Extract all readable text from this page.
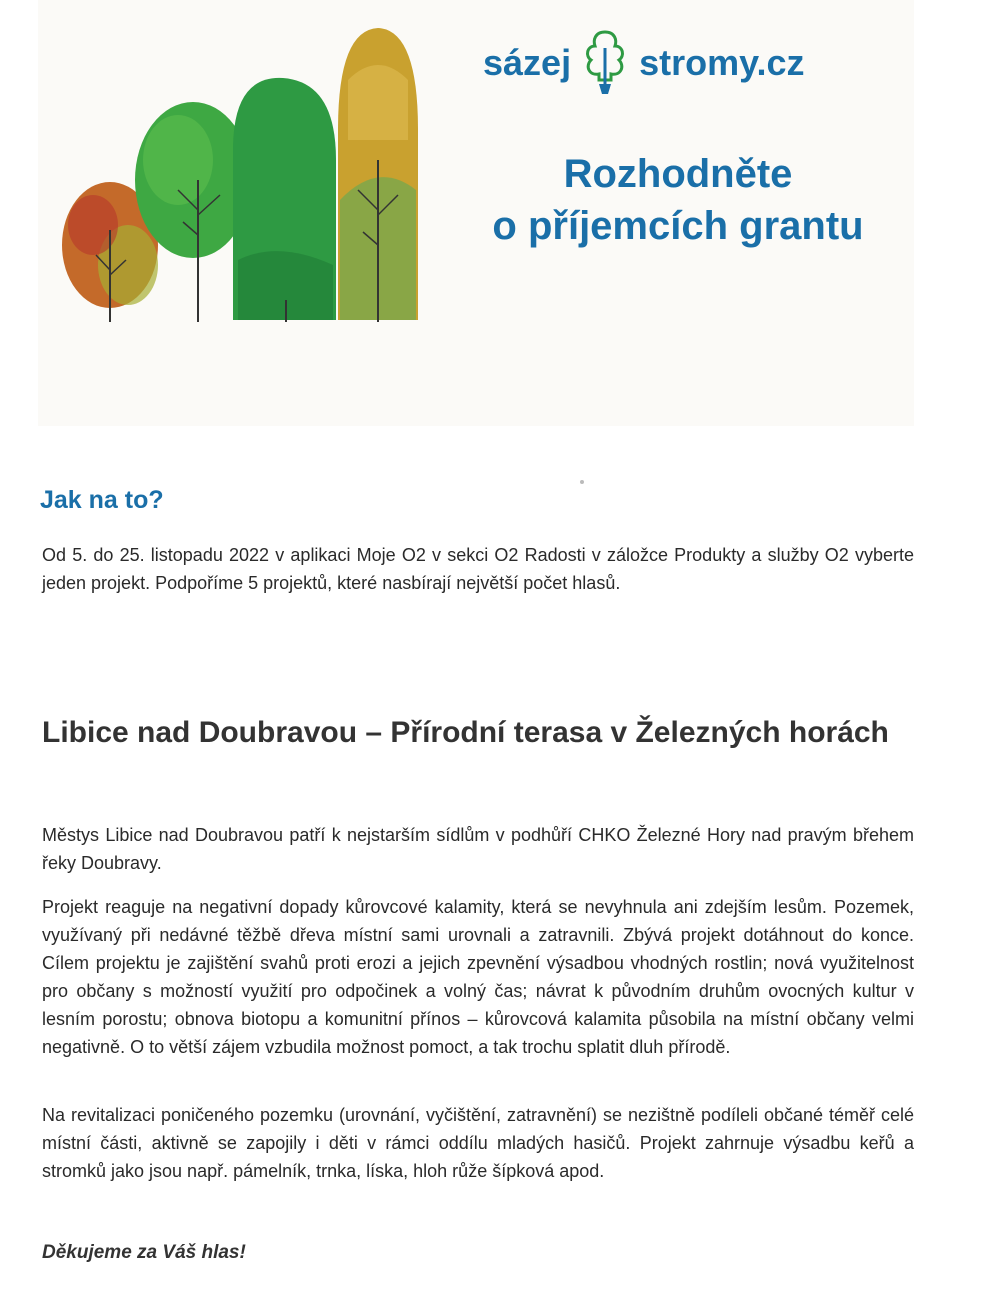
sázej stromy.cz
Rozhodněte
o příjemcích grantu
Jak na to?

Od 5. do 25. listopadu 2022 v aplikaci Moje O2 v sekci O2 Radosti v záložce Produkty a služby O2 vyberte jeden projekt. Podpoříme 5 projektů, které nasbírají největší počet hlasů.

Libice nad Doubravou – Přírodní terasa v Železných horách

Městys Libice nad Doubravou patří k nejstarším sídlům v podhůří CHKO Železné Hory nad pravým břehem řeky Doubravy.

Projekt reaguje na negativní dopady kůrovcové kalamity, která se nevyhnula ani zdejším lesům. Pozemek, využívaný při nedávné těžbě dřeva místní sami urovnali a zatravnili. Zbývá projekt dotáhnout do konce. Cílem projektu je zajištění svahů proti erozi a jejich zpevnění výsadbou vhodných rostlin; nová využitelnost pro občany s možností využití pro odpočinek a volný čas; návrat k původním druhům ovocných kultur v lesním porostu; obnova biotopu a komunitní přínos – kůrovcová kalamita působila na místní občany velmi negativně. O to větší zájem vzbudila možnost pomoct, a tak trochu splatit dluh přírodě.

Na revitalizaci poničeného pozemku (urovnání, vyčištění, zatravnění) se nezištně podíleli občané téměř celé místní části, aktivně se zapojily i děti v rámci oddílu mladých hasičů. Projekt zahrnuje výsadbu keřů a stromků jako jsou např. pámelník, trnka, líska, hloh růže šípková apod.

Děkujeme za Váš hlas!
